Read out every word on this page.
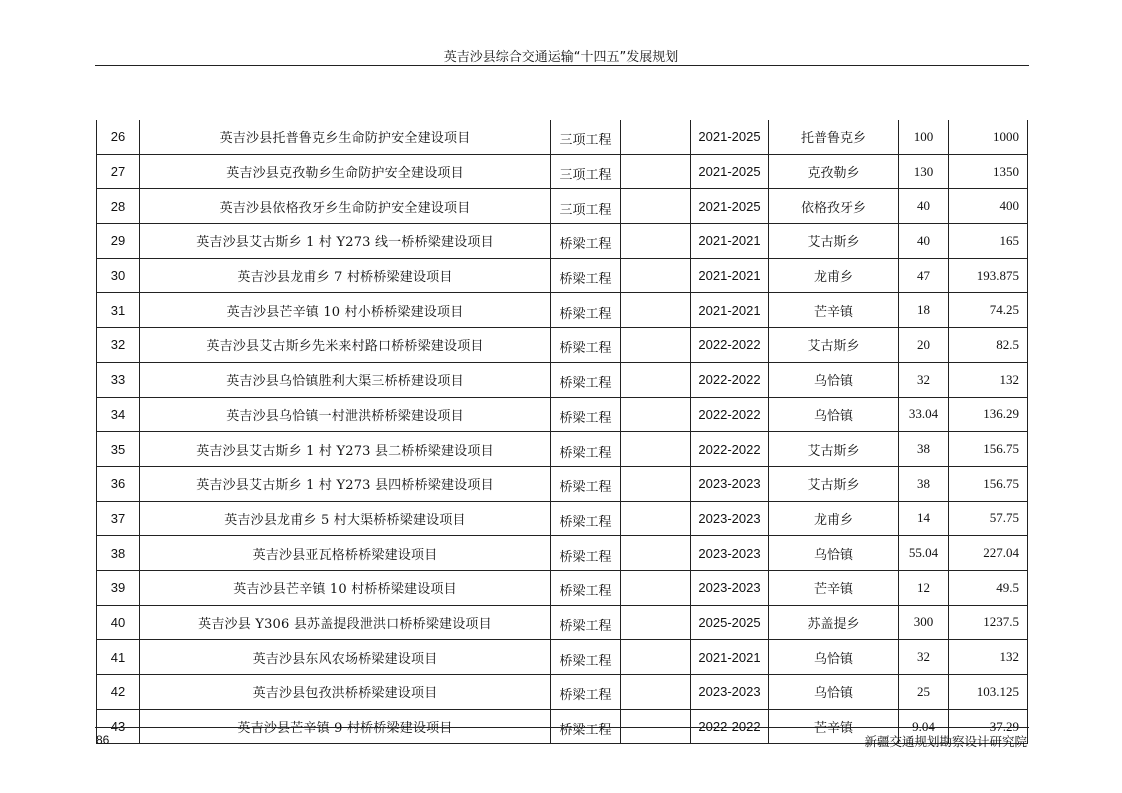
英吉沙县综合交通运输“十四五”发展规划
26	英吉沙县托普鲁克乡生命防护安全建设项目	三项工程		2021-2025	托普鲁克乡	100	1000
27	英吉沙县克孜勒乡生命防护安全建设项目	三项工程		2021-2025	克孜勒乡	130	1350
28	英吉沙县依格孜牙乡生命防护安全建设项目	三项工程		2021-2025	依格孜牙乡	40	400
29	英吉沙县艾古斯乡 1 村 Y273 线一桥桥梁建设项目	桥梁工程		2021-2021	艾古斯乡	40	165
30	英吉沙县龙甫乡 7 村桥桥梁建设项目	桥梁工程		2021-2021	龙甫乡	47	193.875
31	英吉沙县芒辛镇 10 村小桥桥梁建设项目	桥梁工程		2021-2021	芒辛镇	18	74.25
32	英吉沙县艾古斯乡先米来村路口桥桥梁建设项目	桥梁工程		2022-2022	艾古斯乡	20	82.5
33	英吉沙县乌恰镇胜利大渠三桥桥建设项目	桥梁工程		2022-2022	乌恰镇	32	132
34	英吉沙县乌恰镇一村泄洪桥桥梁建设项目	桥梁工程		2022-2022	乌恰镇	33.04	136.29
35	英吉沙县艾古斯乡 1 村 Y273 县二桥桥梁建设项目	桥梁工程		2022-2022	艾古斯乡	38	156.75
36	英吉沙县艾古斯乡 1 村 Y273 县四桥桥梁建设项目	桥梁工程		2023-2023	艾古斯乡	38	156.75
37	英吉沙县龙甫乡 5 村大渠桥桥梁建设项目	桥梁工程		2023-2023	龙甫乡	14	57.75
38	英吉沙县亚瓦格桥桥梁建设项目	桥梁工程		2023-2023	乌恰镇	55.04	227.04
39	英吉沙县芒辛镇 10 村桥桥梁建设项目	桥梁工程		2023-2023	芒辛镇	12	49.5
40	英吉沙县 Y306 县苏盖提段泄洪口桥桥梁建设项目	桥梁工程		2025-2025	苏盖提乡	300	1237.5
41	英吉沙县东风农场桥梁建设项目	桥梁工程		2021-2021	乌恰镇	32	132
42	英吉沙县包孜洪桥桥梁建设项目	桥梁工程		2023-2023	乌恰镇	25	103.125
43	英吉沙县芒辛镇 9 村桥桥梁建设项目	桥梁工程		2022-2022	芒辛镇	9.04	37.29
86	新疆交通规划勘察设计研究院
